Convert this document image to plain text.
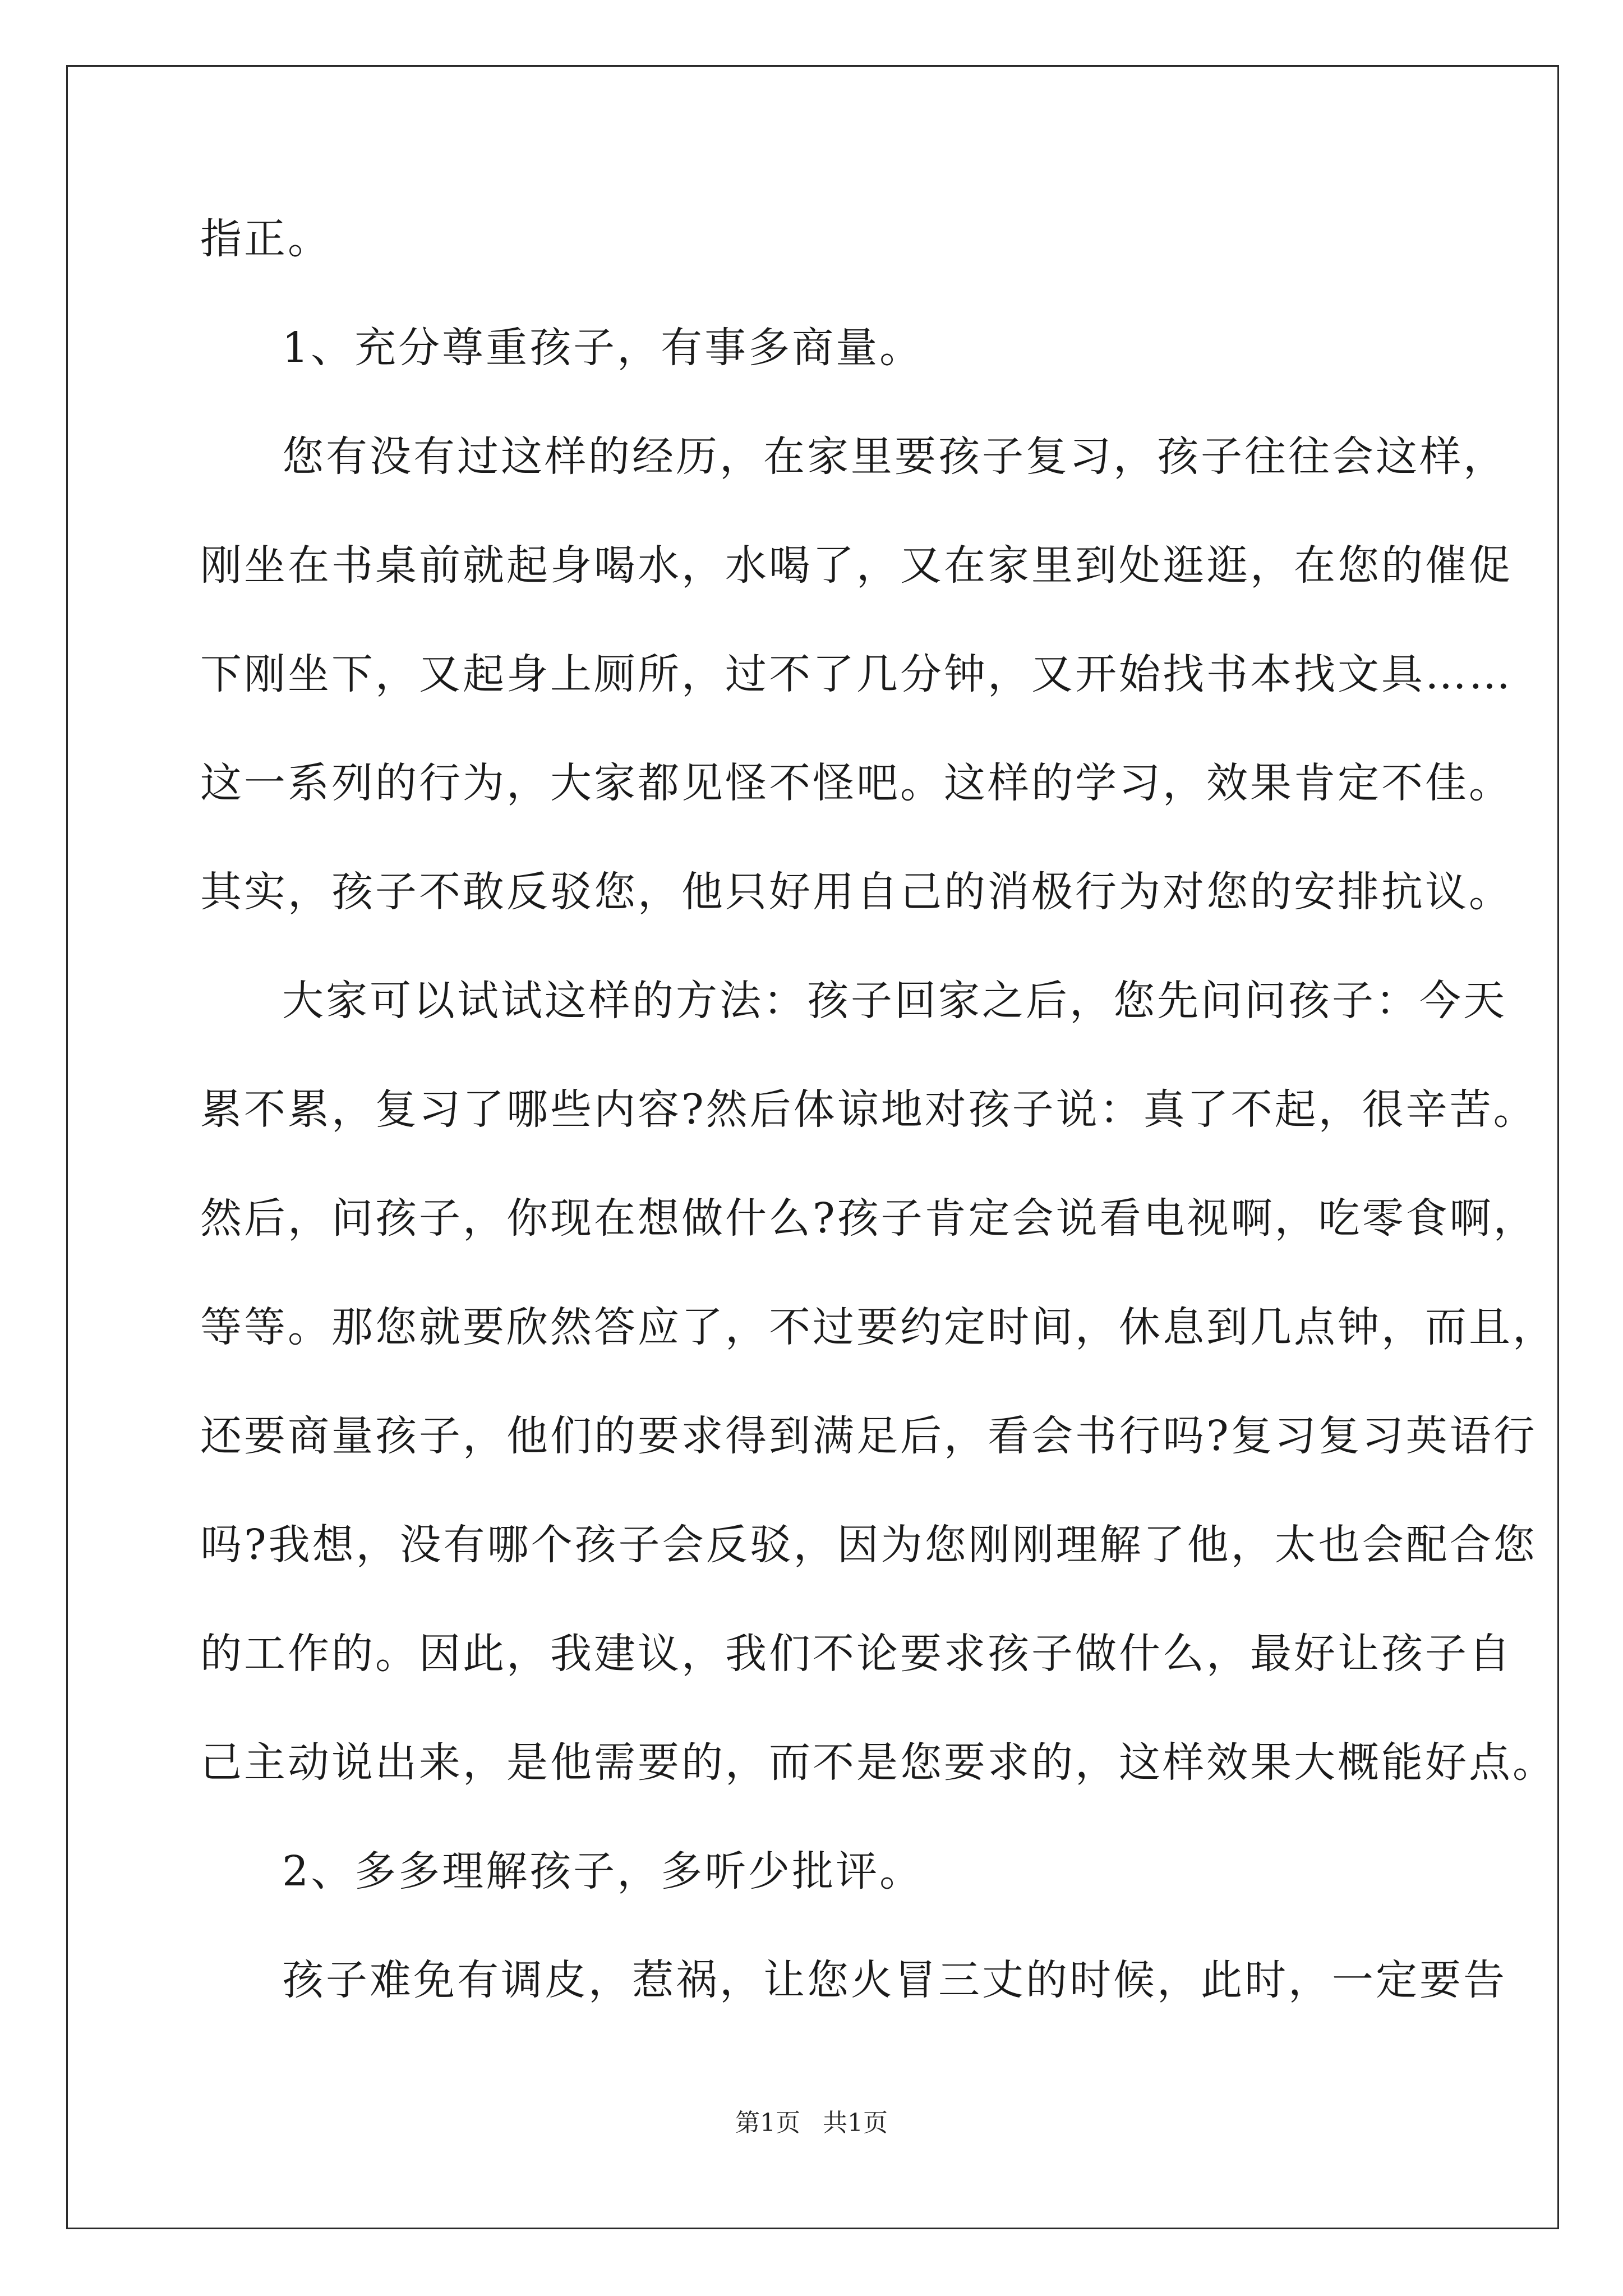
指正。
1、充分尊重孩子，有事多商量。
您有没有过这样的经历，在家里要孩子复习，孩子往往会这样，
刚坐在书桌前就起身喝水，水喝了，又在家里到处逛逛，在您的催促
下刚坐下，又起身上厕所，过不了几分钟，又开始找书本找文具……
这一系列的行为，大家都见怪不怪吧。这样的学习，效果肯定不佳。
其实，孩子不敢反驳您，他只好用自己的消极行为对您的安排抗议。
大家可以试试这样的方法：孩子回家之后，您先问问孩子：今天
累不累，复习了哪些内容?然后体谅地对孩子说：真了不起，很辛苦。
然后，问孩子，你现在想做什么?孩子肯定会说看电视啊，吃零食啊，
等等。那您就要欣然答应了，不过要约定时间，休息到几点钟，而且，
还要商量孩子，他们的要求得到满足后，看会书行吗?复习复习英语行
吗?我想，没有哪个孩子会反驳，因为您刚刚理解了他，太也会配合您
的工作的。因此，我建议，我们不论要求孩子做什么，最好让孩子自
己主动说出来，是他需要的，而不是您要求的，这样效果大概能好点。
2、多多理解孩子，多听少批评。
孩子难免有调皮，惹祸，让您火冒三丈的时候，此时，一定要告
第1页 共1页
